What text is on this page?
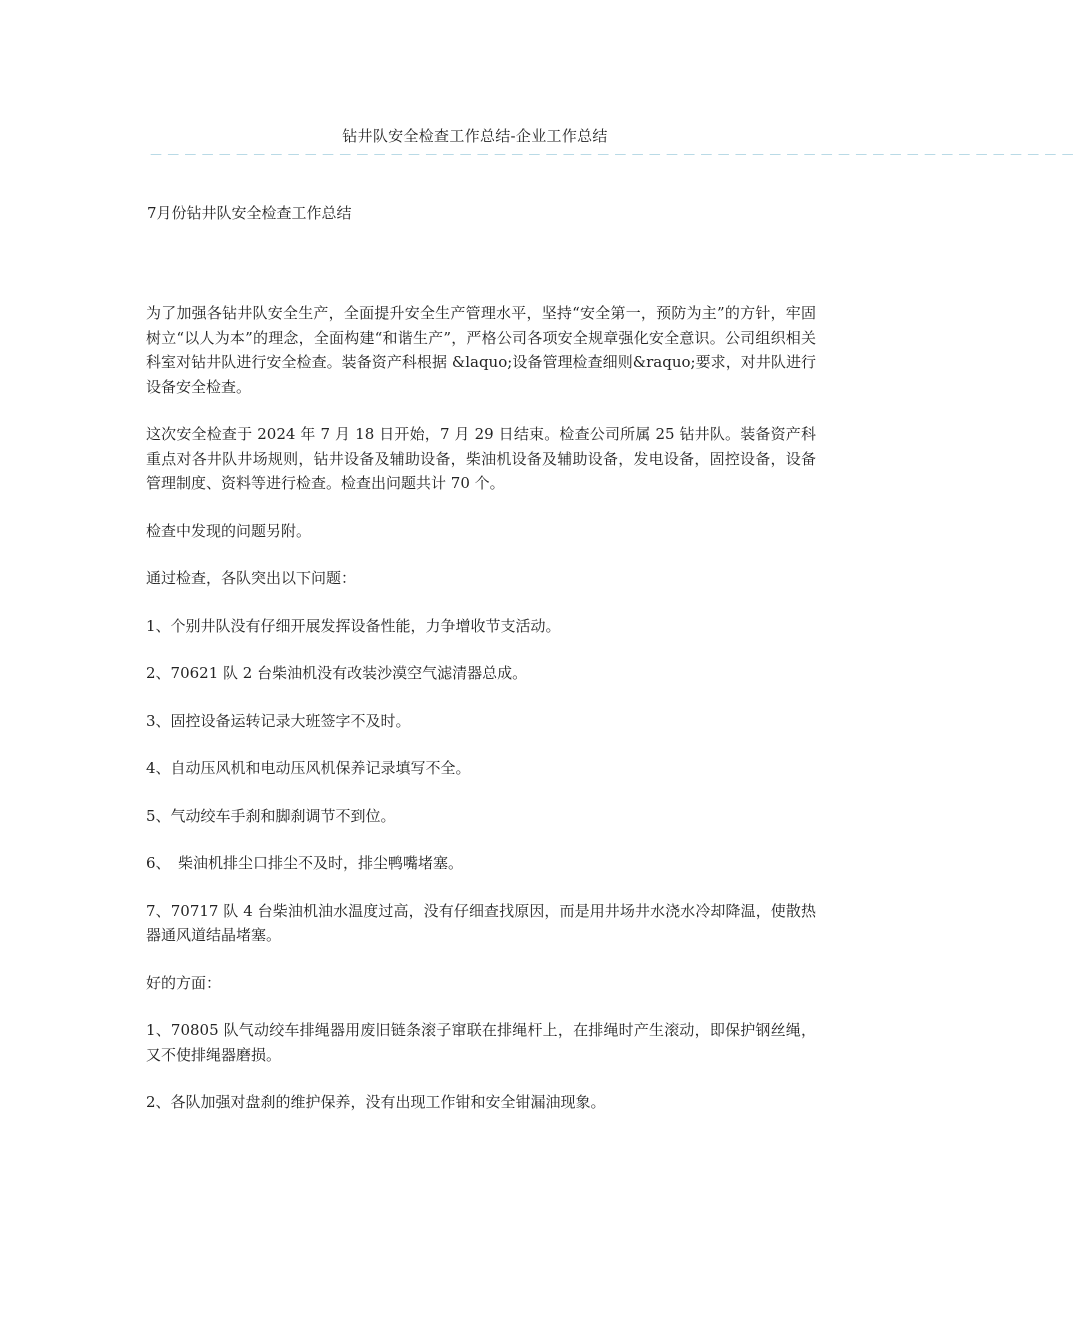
钻井队安全检查工作总结-企业工作总结
－－－－－－－－－－－－－－－－－－－－－－－－－－－－－－－－－－－－－－－－－－－－－－－－－－－－－－
7月份钻井队安全检查工作总结

为了加强各钻井队安全生产，全面提升安全生产管理水平，坚持“安全第一，预防为主”的方针，牢固树立“以人为本”的理念，全面构建“和谐生产”，严格公司各项安全规章强化安全意识。公司组织相关科室对钻井队进行安全检查。装备资产科根据 &laquo;设备管理检查细则&raquo;要求，对井队进行设备安全检查。

这次安全检查于 2024 年 7 月 18 日开始，7 月 29 日结束。检查公司所属 25 钻井队。装备资产科重点对各井队井场规则，钻井设备及辅助设备，柴油机设备及辅助设备，发电设备，固控设备，设备管理制度、资料等进行检查。检查出问题共计 70 个。

检查中发现的问题另附。

通过检查，各队突出以下问题：

1、个别井队没有仔细开展发挥设备性能，力争增收节支活动。

2、70621 队 2 台柴油机没有改装沙漠空气滤清器总成。

3、固控设备运转记录大班签字不及时。

4、自动压风机和电动压风机保养记录填写不全。

5、气动绞车手刹和脚刹调节不到位。

6、　柴油机排尘口排尘不及时，排尘鸭嘴堵塞。

7、70717 队 4 台柴油机油水温度过高，没有仔细查找原因，而是用井场井水浇水冷却降温，使散热器通风道结晶堵塞。

好的方面：

1、70805 队气动绞车排绳器用废旧链条滚子窜联在排绳杆上，在排绳时产生滚动，即保护钢丝绳，又不使排绳器磨损。

2、各队加强对盘刹的维护保养，没有出现工作钳和安全钳漏油现象。
